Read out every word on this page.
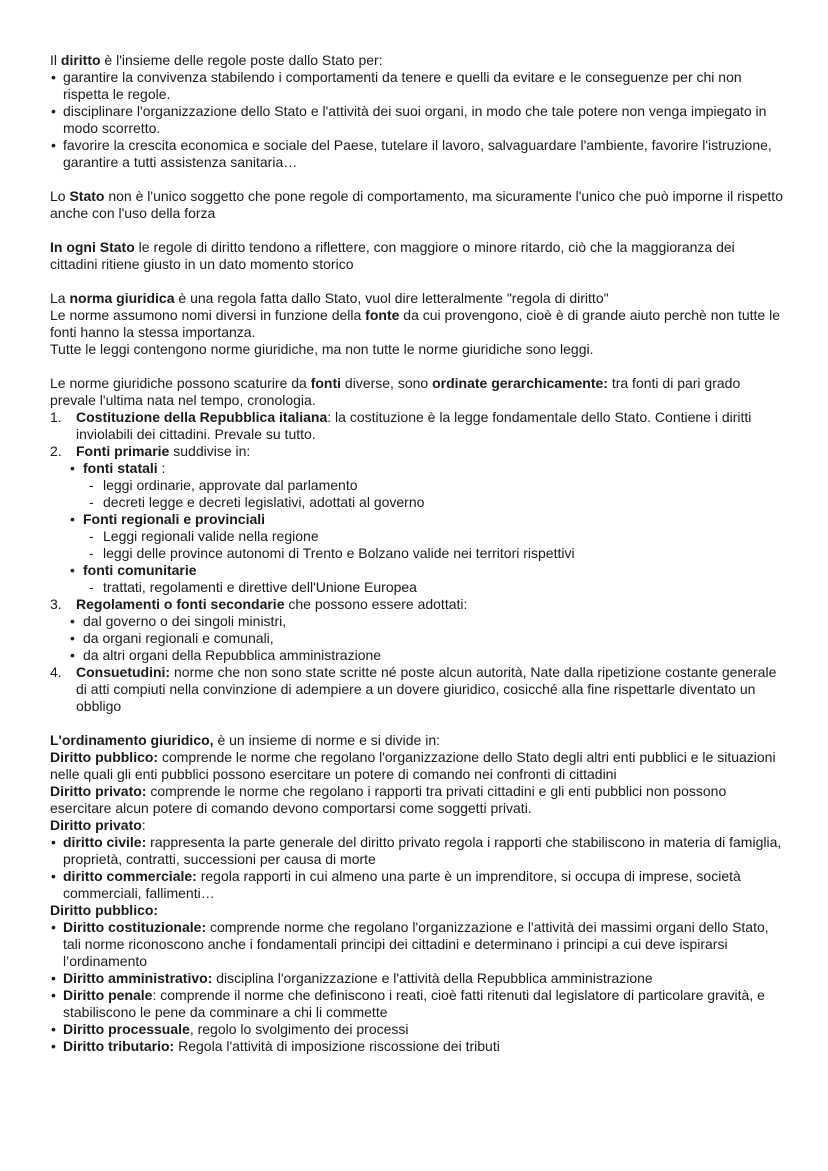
Il diritto è l'insieme delle regole poste dallo Stato per:

• garantire la convivenza stabilendo i comportamenti da tenere e quelli da evitare e le conseguenze per chi non rispetta le regole.
• disciplinare l'organizzazione dello Stato e l'attività dei suoi organi, in modo che tale potere non venga impiegato in modo scorretto.
• favorire la crescita economica e sociale del Paese, tutelare il lavoro, salvaguardare l'ambiente, favorire l'istruzione, garantire a tutti assistenza sanitaria…

Lo Stato non è l'unico soggetto che pone regole di comportamento, ma sicuramente l'unico che può imporne il rispetto anche con l'uso della forza

In ogni Stato le regole di diritto tendono a riflettere, con maggiore o minore ritardo, ciò che la maggioranza dei cittadini ritiene giusto in un dato momento storico

La norma giuridica è una regola fatta dallo Stato, vuol dire letteralmente "regola di diritto"

Le norme assumono nomi diversi in funzione della fonte da cui provengono, cioè è di grande aiuto perchè non tutte le fonti hanno la stessa importanza.

Tutte le leggi contengono norme giuridiche, ma non tutte le norme giuridiche sono leggi.

Le norme giuridiche possono scaturire da fonti diverse, sono ordinate gerarchicamente: tra fonti di pari grado prevale l'ultima nata nel tempo, cronologia.

1. Costituzione della Repubblica italiana: la costituzione è la legge fondamentale dello Stato. Contiene i diritti inviolabili dei cittadini. Prevale su tutto.
2. Fonti primarie suddivise in:
• fonti statali :
- leggi ordinarie, approvate dal parlamento
- decreti legge e decreti legislativi, adottati al governo
• Fonti regionali e provinciali
- Leggi regionali valide nella regione
- leggi delle province autonomi di Trento e Bolzano valide nei territori rispettivi
• fonti comunitarie
- trattati, regolamenti e direttive dell'Unione Europea
3. Regolamenti o fonti secondarie che possono essere adottati:
• dal governo o dei singoli ministri,
• da organi regionali e comunali,
• da altri organi della Repubblica amministrazione
4. Consuetudini: norme che non sono state scritte né poste alcun autorità, Nate dalla ripetizione costante generale di atti compiuti nella convinzione di adempiere a un dovere giuridico, cosicché alla fine rispettarle diventato un obbligo

L'ordinamento giuridico, è un insieme di norme e si divide in:

Diritto pubblico: comprende le norme che regolano l'organizzazione dello Stato degli altri enti pubblici e le situazioni nelle quali gli enti pubblici possono esercitare un potere di comando nei confronti di cittadini

Diritto privato: comprende le norme che regolano i rapporti tra privati cittadini e gli enti pubblici non possono esercitare alcun potere di comando devono comportarsi come soggetti privati.

Diritto privato:

• diritto civile: rappresenta la parte generale del diritto privato regola i rapporti che stabiliscono in materia di famiglia, proprietà, contratti, successioni per causa di morte
• diritto commerciale: regola rapporti in cui almeno una parte è un imprenditore, si occupa di imprese, società commerciali, fallimenti…

Diritto pubblico:

• Diritto costituzionale: comprende norme che regolano l'organizzazione e l'attività dei massimi organi dello Stato, tali norme riconoscono anche i fondamentali principi dei cittadini e determinano i principi a cui deve ispirarsi l’ordinamento
• Diritto amministrativo: disciplina l'organizzazione e l'attività della Repubblica amministrazione
• Diritto penale: comprende il norme che definiscono i reati, cioè fatti ritenuti dal legislatore di particolare gravità, e stabiliscono le pene da comminare a chi li commette
• Diritto processuale, regolo lo svolgimento dei processi
• Diritto tributario: Regola l'attività di imposizione riscossione dei tributi
